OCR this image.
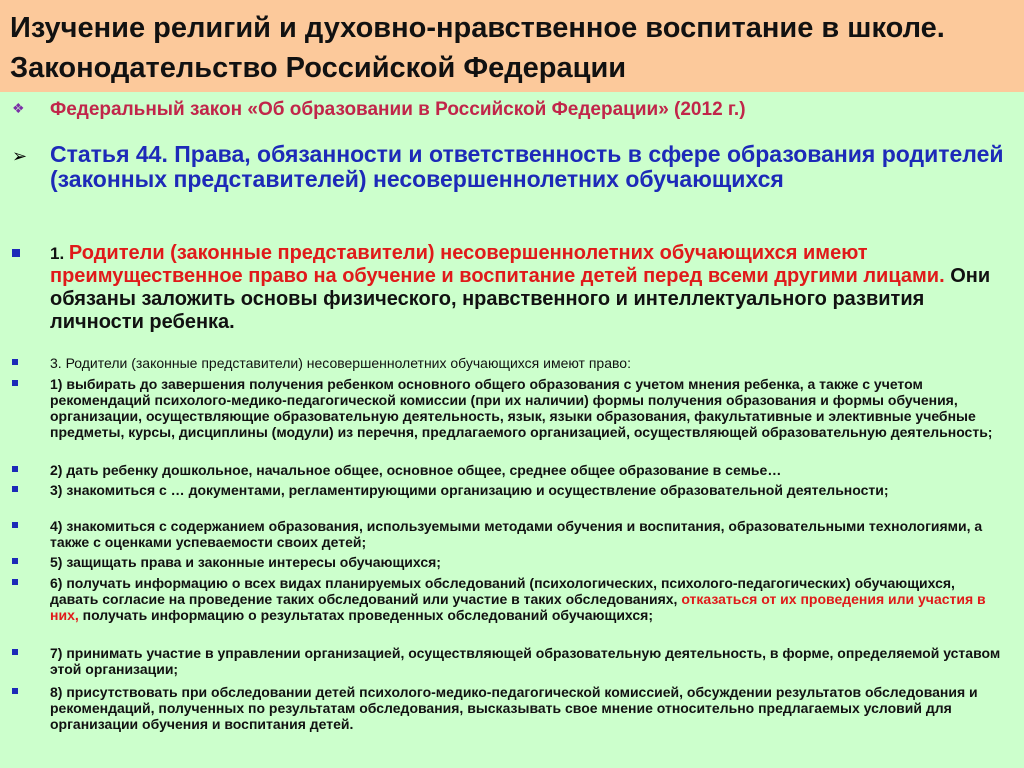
Изучение религий и духовно-нравственное воспитание в школе. Законодательство Российской Федерации
❖ Федеральный закон «Об образовании в Российской Федерации» (2012 г.)
➢ Статья 44. Права, обязанности и ответственность в сфере образования родителей (законных представителей) несовершеннолетних обучающихся
1. Родители (законные представители) несовершеннолетних обучающихся имеют преимущественное право на обучение и воспитание детей перед всеми другими лицами. Они обязаны заложить основы физического, нравственного и интеллектуального развития личности ребенка.
3. Родители (законные представители) несовершеннолетних обучающихся имеют право:
1) выбирать до завершения получения ребенком основного общего образования с учетом мнения ребенка, а также с учетом рекомендаций психолого-медико-педагогической комиссии (при их наличии) формы получения образования и формы обучения, организации, осуществляющие образовательную деятельность, язык, языки образования, факультативные и элективные учебные предметы, курсы, дисциплины (модули) из перечня, предлагаемого организацией, осуществляющей образовательную деятельность;
2) дать ребенку дошкольное, начальное общее, основное общее, среднее общее образование в семье…
3) знакомиться с … документами, регламентирующими организацию и осуществление образовательной деятельности;
4) знакомиться с содержанием образования, используемыми методами обучения и воспитания, образовательными технологиями, а также с оценками успеваемости своих детей;
5) защищать права и законные интересы обучающихся;
6) получать информацию о всех видах планируемых обследований (психологических, психолого-педагогических) обучающихся, давать согласие на проведение таких обследований или участие в таких обследованиях, отказаться от их проведения или участия в них, получать информацию о результатах проведенных обследований обучающихся;
7) принимать участие в управлении организацией, осуществляющей образовательную деятельность, в форме, определяемой уставом этой организации;
8) присутствовать при обследовании детей психолого-медико-педагогической комиссией, обсуждении результатов обследования и рекомендаций, полученных по результатам обследования, высказывать свое мнение относительно предлагаемых условий для организации обучения и воспитания детей.
